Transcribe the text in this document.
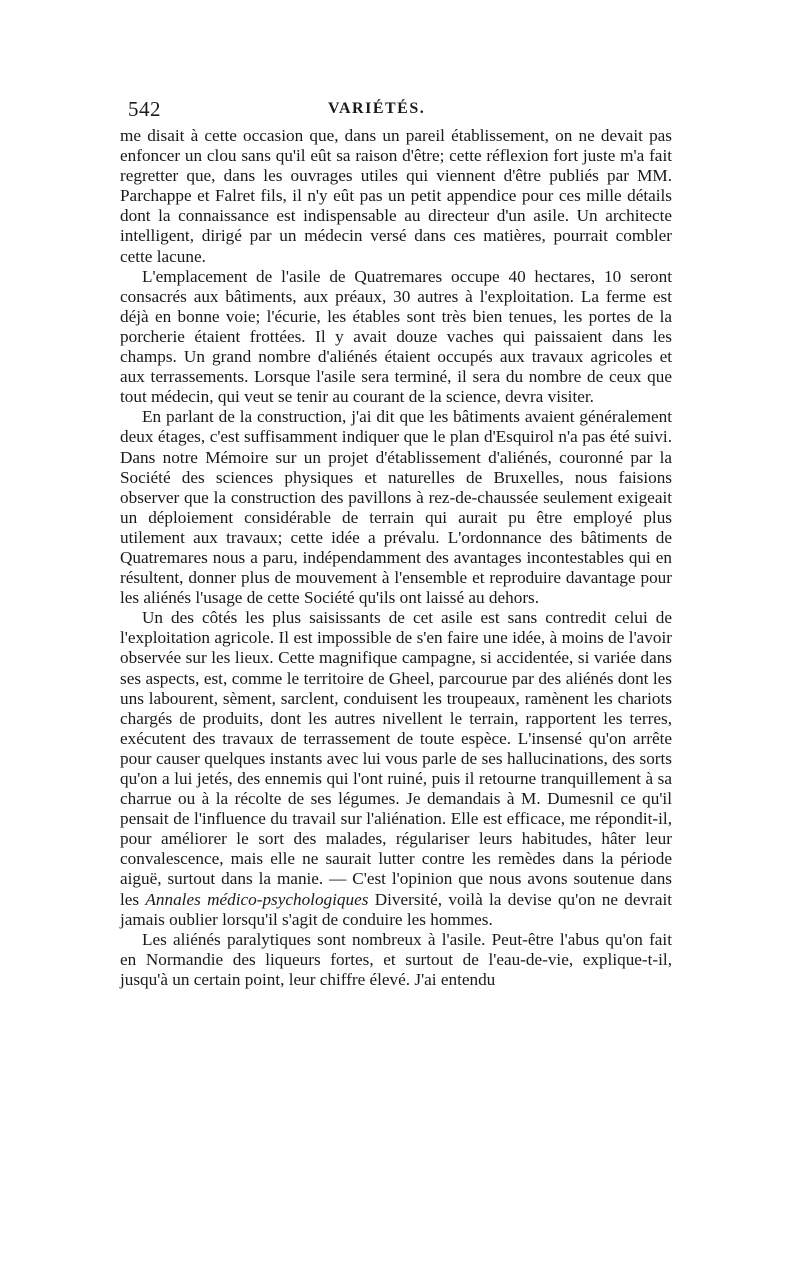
542	VARIÉTÉS.

me disait à cette occasion que, dans un pareil établissement, on ne devait pas enfoncer un clou sans qu'il eût sa raison d'être; cette réflexion fort juste m'a fait regretter que, dans les ouvrages utiles qui viennent d'être publiés par MM. Parchappe et Falret fils, il n'y eût pas un petit appendice pour ces mille détails dont la connaissance est indispensable au directeur d'un asile. Un architecte intelligent, dirigé par un médecin versé dans ces matières, pourrait combler cette lacune.

L'emplacement de l'asile de Quatremares occupe 40 hectares, 10 seront consacrés aux bâtiments, aux préaux, 30 autres à l'exploitation. La ferme est déjà en bonne voie; l'écurie, les étables sont très bien tenues, les portes de la porcherie étaient frottées. Il y avait douze vaches qui paissaient dans les champs. Un grand nombre d'aliénés étaient occupés aux travaux agricoles et aux terrassements. Lorsque l'asile sera terminé, il sera du nombre de ceux que tout médecin, qui veut se tenir au courant de la science, devra visiter.

En parlant de la construction, j'ai dit que les bâtiments avaient généralement deux étages, c'est suffisamment indiquer que le plan d'Esquirol n'a pas été suivi. Dans notre Mémoire sur un projet d'établissement d'aliénés, couronné par la Société des sciences physiques et naturelles de Bruxelles, nous faisions observer que la construction des pavillons à rez-de-chaussée seulement exigeait un déploiement considérable de terrain qui aurait pu être employé plus utilement aux travaux; cette idée a prévalu. L'ordonnance des bâtiments de Quatremares nous a paru, indépendamment des avantages incontestables qui en résultent, donner plus de mouvement à l'ensemble et reproduire davantage pour les aliénés l'usage de cette Société qu'ils ont laissé au dehors.

Un des côtés les plus saisissants de cet asile est sans contredit celui de l'exploitation agricole. Il est impossible de s'en faire une idée, à moins de l'avoir observée sur les lieux. Cette magnifique campagne, si accidentée, si variée dans ses aspects, est, comme le territoire de Gheel, parcourue par des aliénés dont les uns labourent, sèment, sarclent, conduisent les troupeaux, ramènent les chariots chargés de produits, dont les autres nivellent le terrain, rapportent les terres, exécutent des travaux de terrassement de toute espèce. L'insensé qu'on arrête pour causer quelques instants avec lui vous parle de ses hallucinations, des sorts qu'on a lui jetés, des ennemis qui l'ont ruiné, puis il retourne tranquillement à sa charrue ou à la récolte de ses légumes. Je demandais à M. Dumesnil ce qu'il pensait de l'influence du travail sur l'aliénation. Elle est efficace, me répondit-il, pour améliorer le sort des malades, régulariser leurs habitudes, hâter leur convalescence, mais elle ne saurait lutter contre les remèdes dans la période aiguë, surtout dans la manie. — C'est l'opinion que nous avons soutenue dans les Annales médico-psychologiques Diversité, voilà la devise qu'on ne devrait jamais oublier lorsqu'il s'agit de conduire les hommes.

Les aliénés paralytiques sont nombreux à l'asile. Peut-être l'abus qu'on fait en Normandie des liqueurs fortes, et surtout de l'eau-de-vie, explique-t-il, jusqu'à un certain point, leur chiffre élevé. J'ai entendu
